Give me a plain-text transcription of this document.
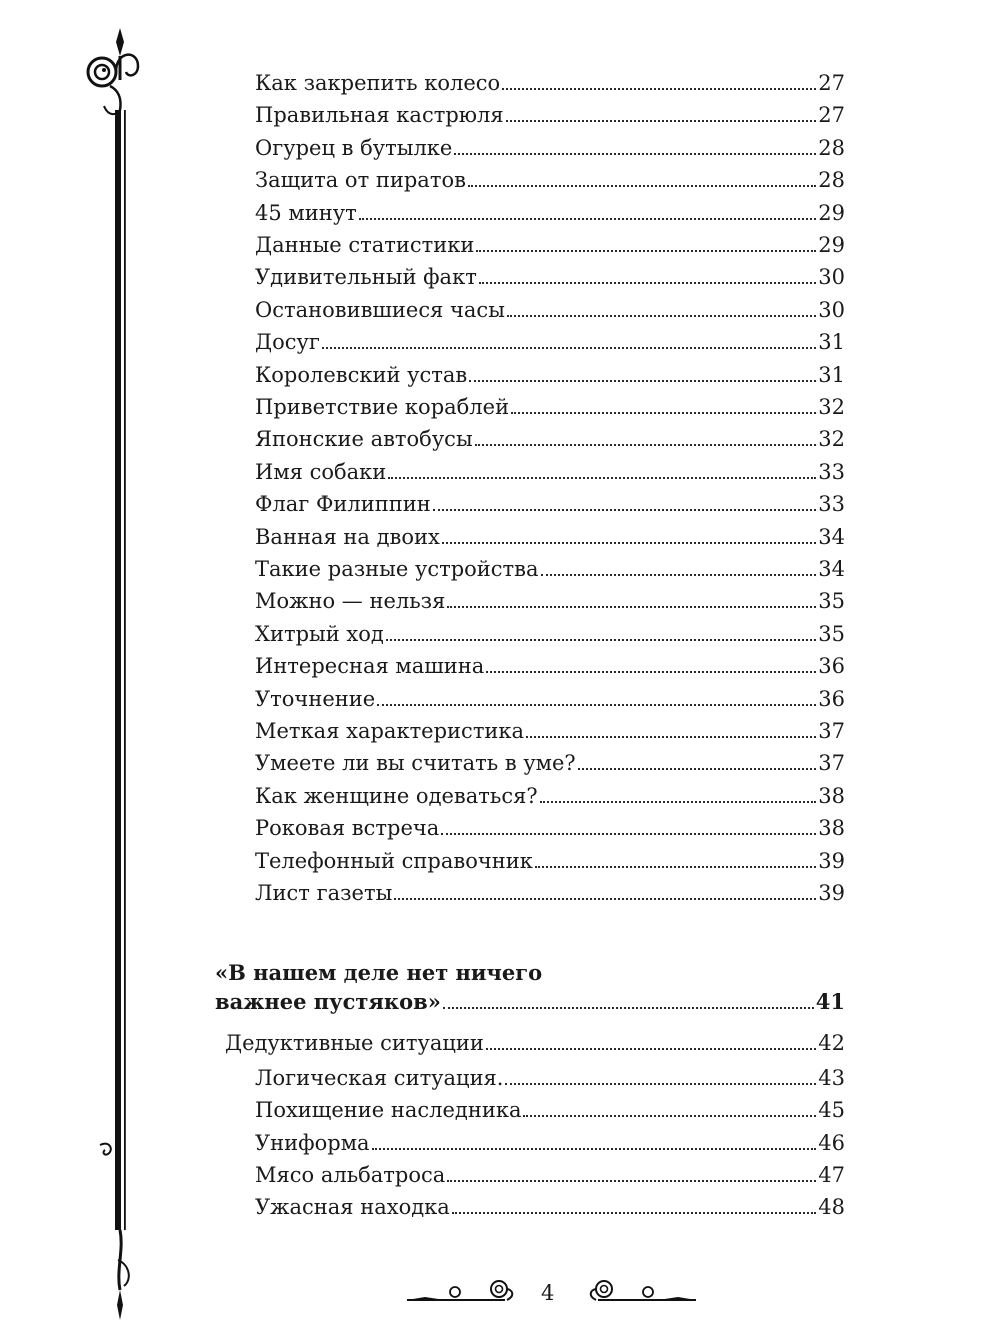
Как закрепить колесо	27
Правильная кастрюля	27
Огурец в бутылке	28
Защита от пиратов	28
45 минут	29
Данные статистики	29
Удивительный факт	30
Остановившиеся часы	30
Досуг	31
Королевский устав	31
Приветствие кораблей	32
Японские автобусы	32
Имя собаки	33
Флаг Филиппин	33
Ванная на двоих	34
Такие разные устройства	34
Можно — нельзя	35
Хитрый ход	35
Интересная машина	36
Уточнение	36
Меткая характеристика	37
Умеете ли вы считать в уме?	37
Как женщине одеваться?	38
Роковая встреча	38
Телефонный справочник	39
Лист газеты	39
«В нашем деле нет ничего
важнее пустяков»	41
Дедуктивные ситуации	42
Логическая ситуация.	43
Похищение наследника	45
Униформа	46
Мясо альбатроса	47
Ужасная находка	48
4
